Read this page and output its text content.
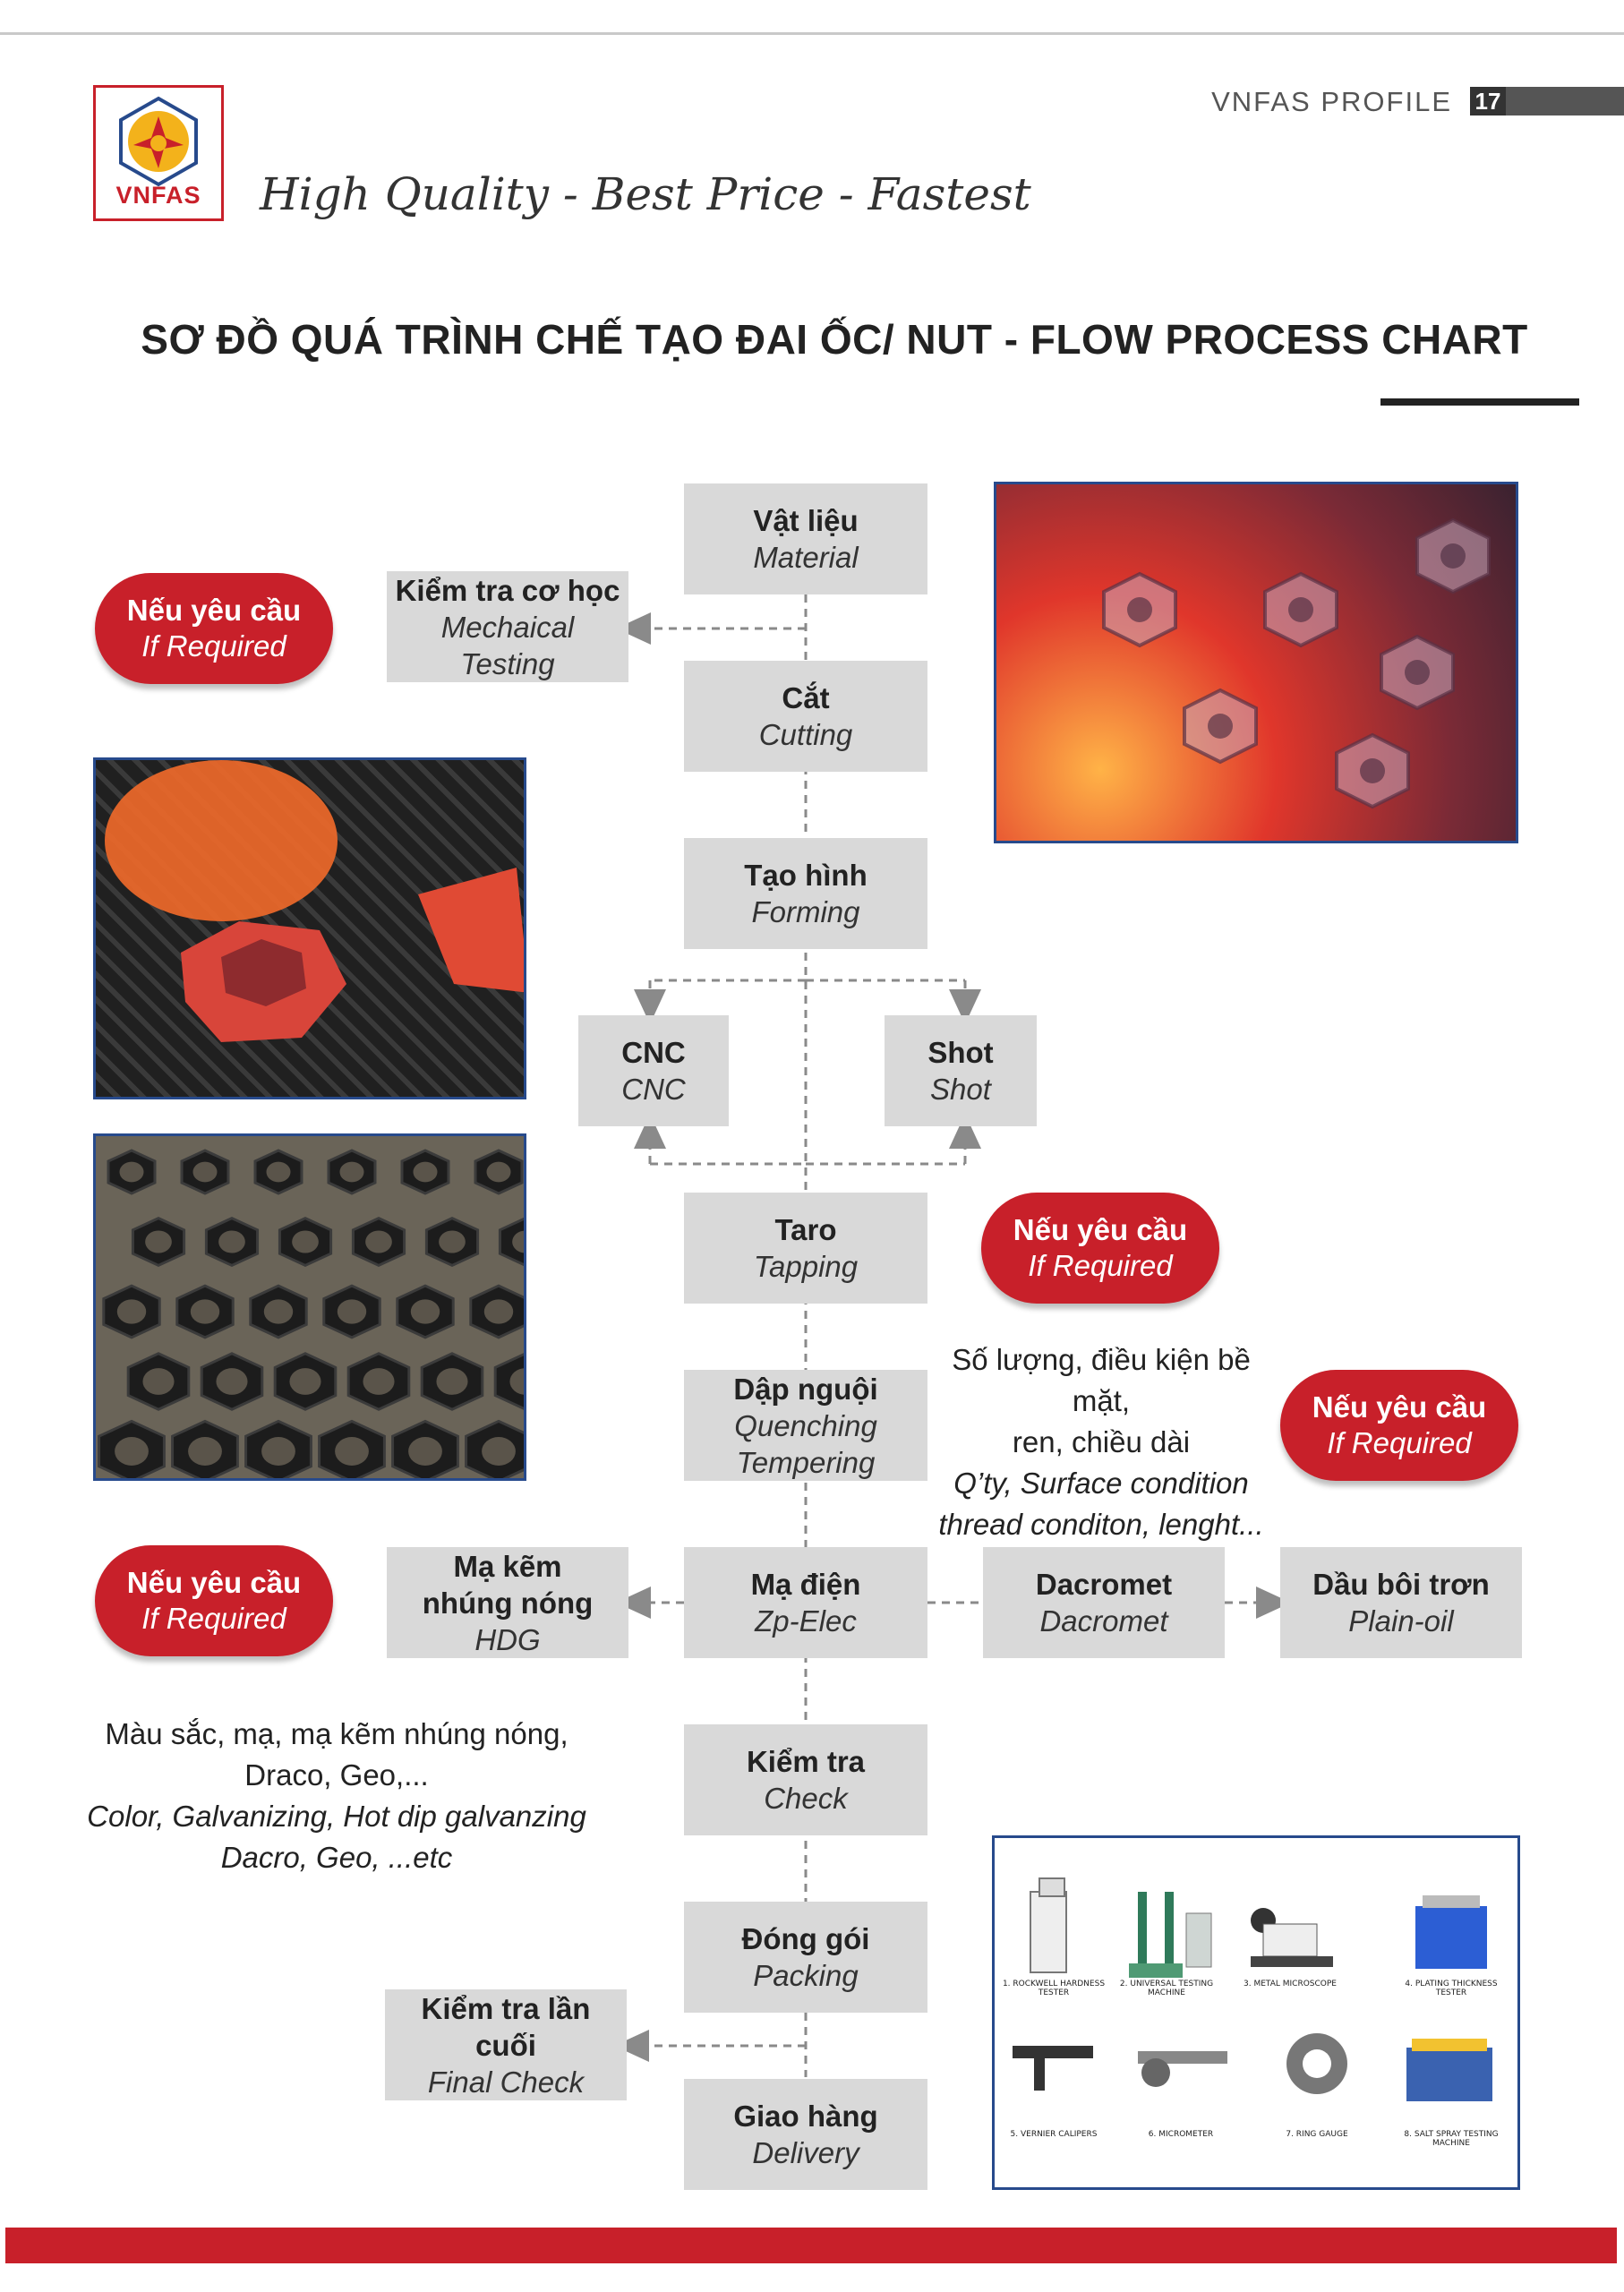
17
VNFAS PROFILE
VNFAS	High Quality - Best Price - Fastest
SƠ ĐỒ QUÁ TRÌNH CHẾ TẠO ĐAI ỐC/ NUT - FLOW PROCESS CHART
Vật liệu
Material
Kiểm tra cơ học
Mechaical
Testing
Cắt
Cutting
Tạo hình
Forming
CNC
CNC
Shot
Shot
Taro
Tapping
Dập nguội
Quenching
Tempering
Mạ điện
Zp-Elec
Mạ kẽm
nhúng nóng
HDG
Dacromet
Dacromet
Dầu bôi trơn
Plain-oil
Kiểm tra
Check
Đóng gói
Packing
Kiểm tra lần
cuối
Final Check
Giao hàng
Delivery
Nếu yêu cầu
If Required
Nếu yêu cầu
If Required
Nếu yêu cầu
If Required
Nếu yêu cầu
If Required
Số lượng, điều kiện bề mặt,
ren, chiều dài
Q’ty, Surface condition
thread conditon, lenght...
Màu sắc, mạ, mạ kẽm nhúng nóng,
Draco, Geo,...
Color, Galvanizing, Hot dip galvanzing
Dacro, Geo, ...etc
1. ROCKWELL HARDNESS TESTER
2. UNIVERSAL TESTING MACHINE
3. METAL MICROSCOPE	4. PLATING THICKNESS TESTER
5. VERNIER CALIPERS	6. MICROMETER	7. RING GAUGE	8. SALT SPRAY TESTING MACHINE
